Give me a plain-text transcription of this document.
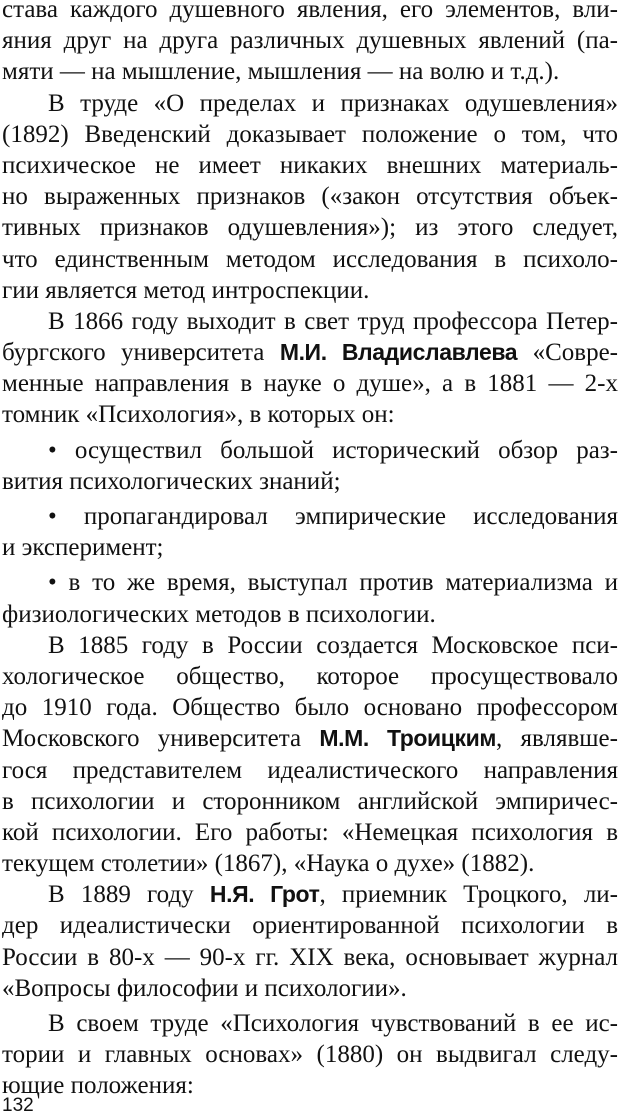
става каждого душевного явления, его элементов, вли-
яния друг на друга различных душевных явлений (па-
мяти — на мышление, мышления — на волю и т.д.).
В труде «О пределах и признаках одушевления»
(1892) Введенский доказывает положение о том, что
психическое не имеет никаких внешних материаль-
но выраженных признаков («закон отсутствия объек-
тивных признаков одушевления»); из этого следует,
что единственным методом исследования в психоло-
гии является метод интроспекции.
В 1866 году выходит в свет труд профессора Петер-
бургского университета М.И. Владиславлева «Совре-
менные направления в науке о душе», а в 1881 — 2-х
томник «Психология», в которых он:
• осуществил большой исторический обзор раз-
вития психологических знаний;
• пропагандировал эмпирические исследования
и эксперимент;
• в то же время, выступал против материализма и
физиологических методов в психологии.
В 1885 году в России создается Московское пси-
хологическое общество, которое просуществовало
до 1910 года. Общество было основано профессором
Московского университета М.М. Троицким, являвше-
гося представителем идеалистического направления
в психологии и сторонником английской эмпиричес-
кой психологии. Его работы: «Немецкая психология в
текущем столетии» (1867), «Наука о духе» (1882).
В 1889 году Н.Я. Грот, приемник Троцкого, ли-
дер идеалистически ориентированной психологии в
России в 80-х — 90-х гг. XIX века, основывает журнал
«Вопросы философии и психологии».
В своем труде «Психология чувствований в ее ис-
тории и главных основах» (1880) он выдвигал следу-
ющие положения:
132
